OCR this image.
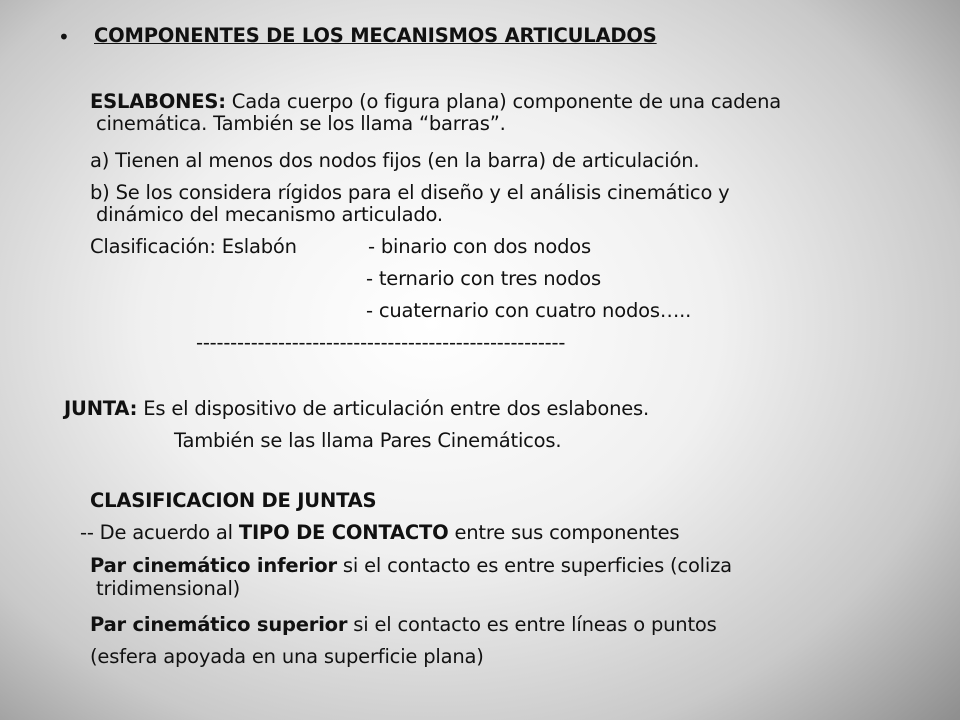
• COMPONENTES DE LOS MECANISMOS ARTICULADOS
ESLABONES: Cada cuerpo (o figura plana) componente de una cadena
cinemática. También se los llama “barras”.
a) Tienen al menos dos nodos fijos (en la barra) de articulación.
b) Se los considera rígidos para el diseño y el análisis cinemático y
dinámico del mecanismo articulado.
Clasificación: Eslabón	- binario con dos nodos
- ternario con tres nodos
- cuaternario con cuatro nodos…..
------------------------------------------------------
JUNTA: Es el dispositivo de articulación entre dos eslabones.
También se las llama Pares Cinemáticos.
CLASIFICACION DE JUNTAS
-- De acuerdo al TIPO DE CONTACTO entre sus componentes
Par cinemático inferior si el contacto es entre superficies (coliza
tridimensional)
Par cinemático superior si el contacto es entre líneas o puntos
(esfera apoyada en una superficie plana)
